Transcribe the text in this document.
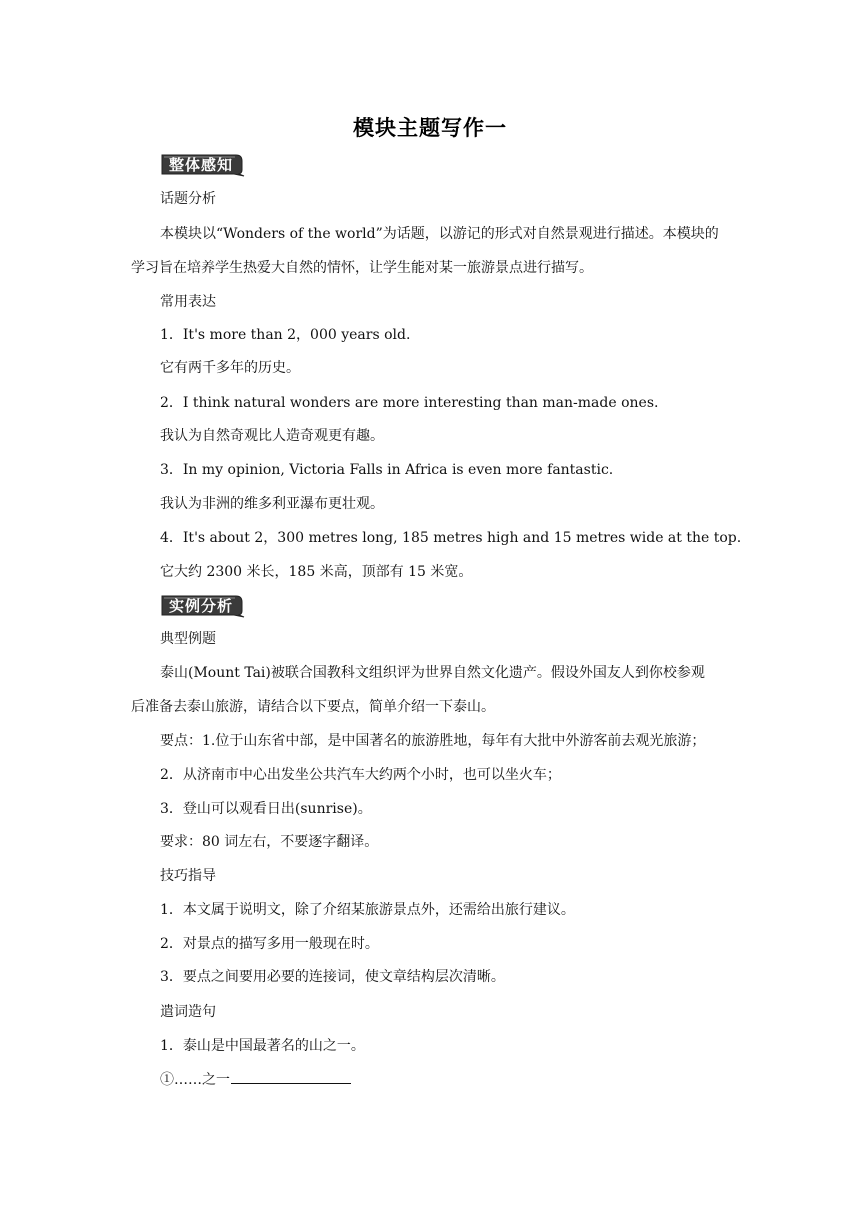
模块主题写作一
整体感知
话题分析
本模块以“Wonders of the world”为话题，以游记的形式对自然景观进行描述。本模块的
学习旨在培养学生热爱大自然的情怀，让学生能对某一旅游景点进行描写。
常用表达
1．It's more than 2，000 years old.
它有两千多年的历史。
2．I think natural wonders are more interesting than man-made ones.
我认为自然奇观比人造奇观更有趣。
3．In my opinion, Victoria Falls in Africa is even more fantastic.
我认为非洲的维多利亚瀑布更壮观。
4．It's about 2，300 metres long, 185 metres high and 15 metres wide at the top.
它大约 2300 米长，185 米高，顶部有 15 米宽。
实例分析
典型例题
泰山(Mount Tai)被联合国教科文组织评为世界自然文化遗产。假设外国友人到你校参观
后准备去泰山旅游，请结合以下要点，简单介绍一下泰山。
要点：1.位于山东省中部，是中国著名的旅游胜地，每年有大批中外游客前去观光旅游；
2．从济南市中心出发坐公共汽车大约两个小时，也可以坐火车；
3．登山可以观看日出(sunrise)。
要求：80 词左右，不要逐字翻译。
技巧指导
1．本文属于说明文，除了介绍某旅游景点外，还需给出旅行建议。
2．对景点的描写多用一般现在时。
3．要点之间要用必要的连接词，使文章结构层次清晰。
遣词造句
1．泰山是中国最著名的山之一。
①……之一
